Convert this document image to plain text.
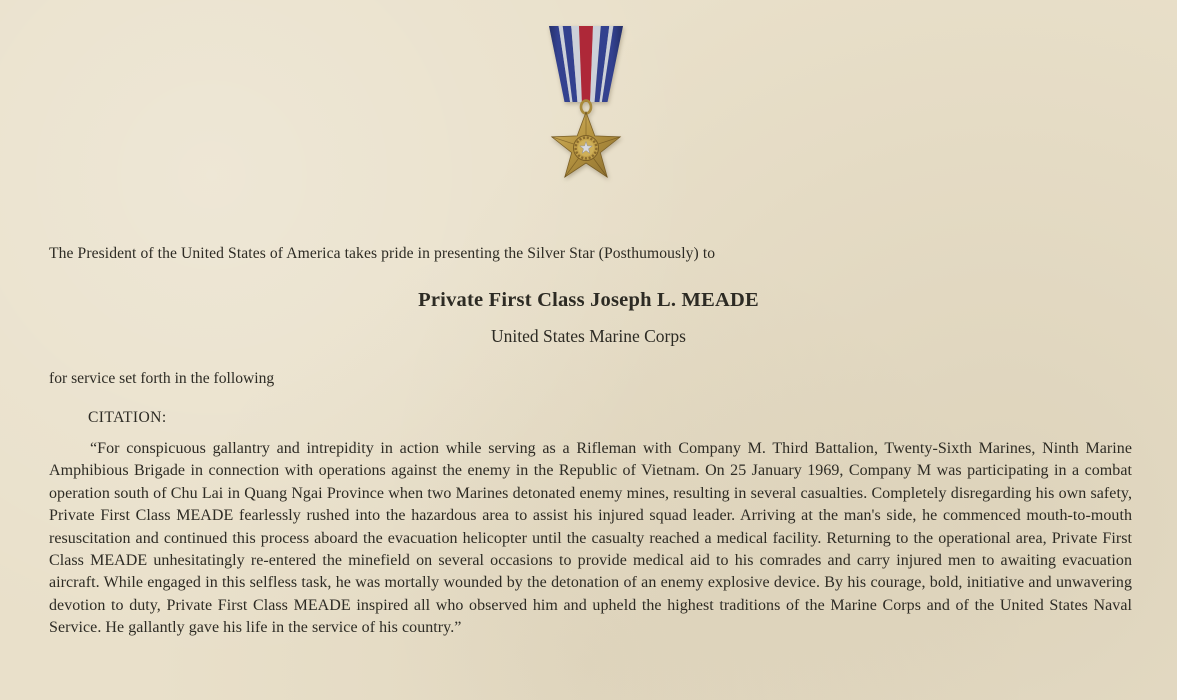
The President of the United States of America takes pride in presenting the Silver Star (Posthumously) to
Private First Class Joseph L. MEADE
United States Marine Corps
for service set forth in the following
CITATION:
“For conspicuous gallantry and intrepidity in action while serving as a Rifleman with Company M. Third Battalion, Twenty-Sixth Marines, Ninth Marine Amphibious Brigade in connection with operations against the enemy in the Republic of Vietnam. On 25 January 1969, Company M was participating in a combat operation south of Chu Lai in Quang Ngai Province when two Marines detonated enemy mines, resulting in several casualties. Completely disregarding his own safety, Private First Class MEADE fearlessly rushed into the hazardous area to assist his injured squad leader. Arriving at the man's side, he commenced mouth-to-mouth resuscitation and continued this process aboard the evacuation helicopter until the casualty reached a medical facility. Returning to the operational area, Private First Class MEADE unhesitatingly re-entered the minefield on several occasions to provide medical aid to his comrades and carry injured men to awaiting evacuation aircraft. While engaged in this selfless task, he was mortally wounded by the detonation of an enemy explosive device. By his courage, bold, initiative and unwavering devotion to duty, Private First Class MEADE inspired all who observed him and upheld the highest traditions of the Marine Corps and of the United States Naval Service. He gallantly gave his life in the service of his country.”
